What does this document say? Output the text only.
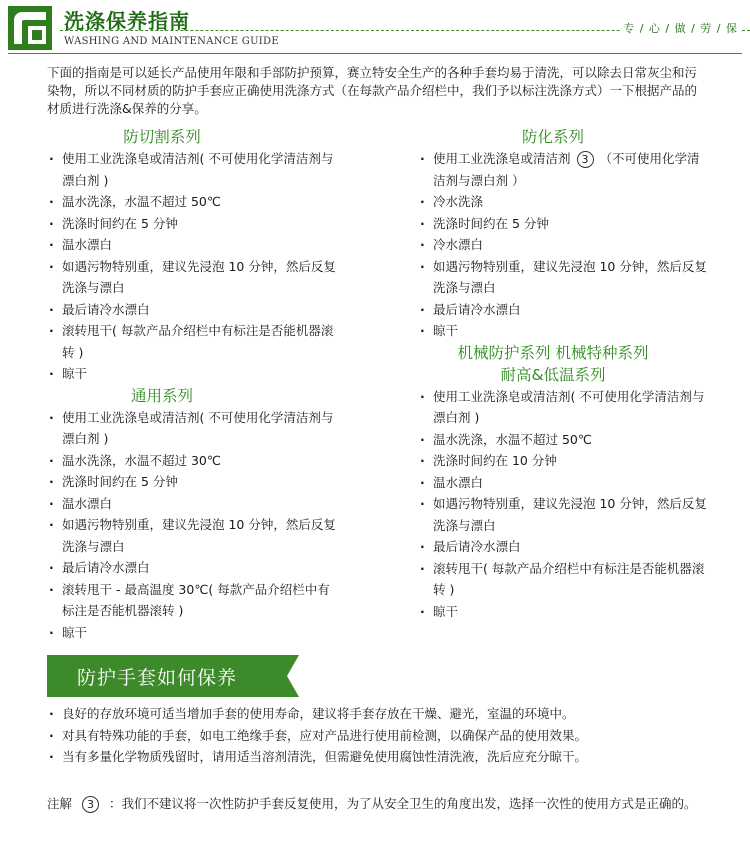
洗涤保养指南	专 / 心 / 做 / 劳 / 保
WASHING AND MAINTENANCE GUIDE

下面的指南是可以延长产品使用年限和手部防护预算，赛立特安全生产的各种手套均易于清洗，可以除去日常灰尘和污染物，所以不同材质的防护手套应正确使用洗涤方式（在每款产品介绍栏中，我们予以标注洗涤方式）一下根据产品的材质进行洗涤&保养的分享。

防切割系列
· 使用工业洗涤皂或清洁剂( 不可使用化学清洁剂与漂白剂 )
· 温水洗涤，水温不超过 50℃
· 洗涤时间约在 5 分钟
· 温水漂白
· 如遇污物特别重，建议先浸泡 10 分钟，然后反复洗涤与漂白
· 最后请冷水漂白
· 滚转甩干( 每款产品介绍栏中有标注是否能机器滚转 )
· 晾干
通用系列
· 使用工业洗涤皂或清洁剂( 不可使用化学清洁剂与漂白剂 )
· 温水洗涤，水温不超过 30℃
· 洗涤时间约在 5 分钟
· 温水漂白
· 如遇污物特别重，建议先浸泡 10 分钟，然后反复洗涤与漂白
· 最后请冷水漂白
· 滚转甩干 - 最高温度 30℃( 每款产品介绍栏中有标注是否能机器滚转 )
· 晾干
防化系列
· 使用工业洗涤皂或清洁剂 3 （不可使用化学清洁剂与漂白剂 ）
· 冷水洗涤
· 洗涤时间约在 5 分钟
· 冷水漂白
· 如遇污物特别重，建议先浸泡 10 分钟，然后反复洗涤与漂白
· 最后请冷水漂白
· 晾干
机械防护系列 机械特种系列
耐高&低温系列
· 使用工业洗涤皂或清洁剂( 不可使用化学清洁剂与漂白剂 )
· 温水洗涤，水温不超过 50℃
· 洗涤时间约在 10 分钟
· 温水漂白
· 如遇污物特别重，建议先浸泡 10 分钟，然后反复洗涤与漂白
· 最后请冷水漂白
· 滚转甩干( 每款产品介绍栏中有标注是否能机器滚转 )
· 晾干
防护手套如何保养
· 良好的存放环境可适当增加手套的使用寿命，建议将手套存放在干燥、避光，室温的环境中。
· 对具有特殊功能的手套，如电工绝缘手套，应对产品进行使用前检测，以确保产品的使用效果。
· 当有多量化学物质残留时，请用适当溶剂清洗，但需避免使用腐蚀性清洗液，洗后应充分晾干。

注解 3 ：我们不建议将一次性防护手套反复使用，为了从安全卫生的角度出发，选择一次性的使用方式是正确的。
